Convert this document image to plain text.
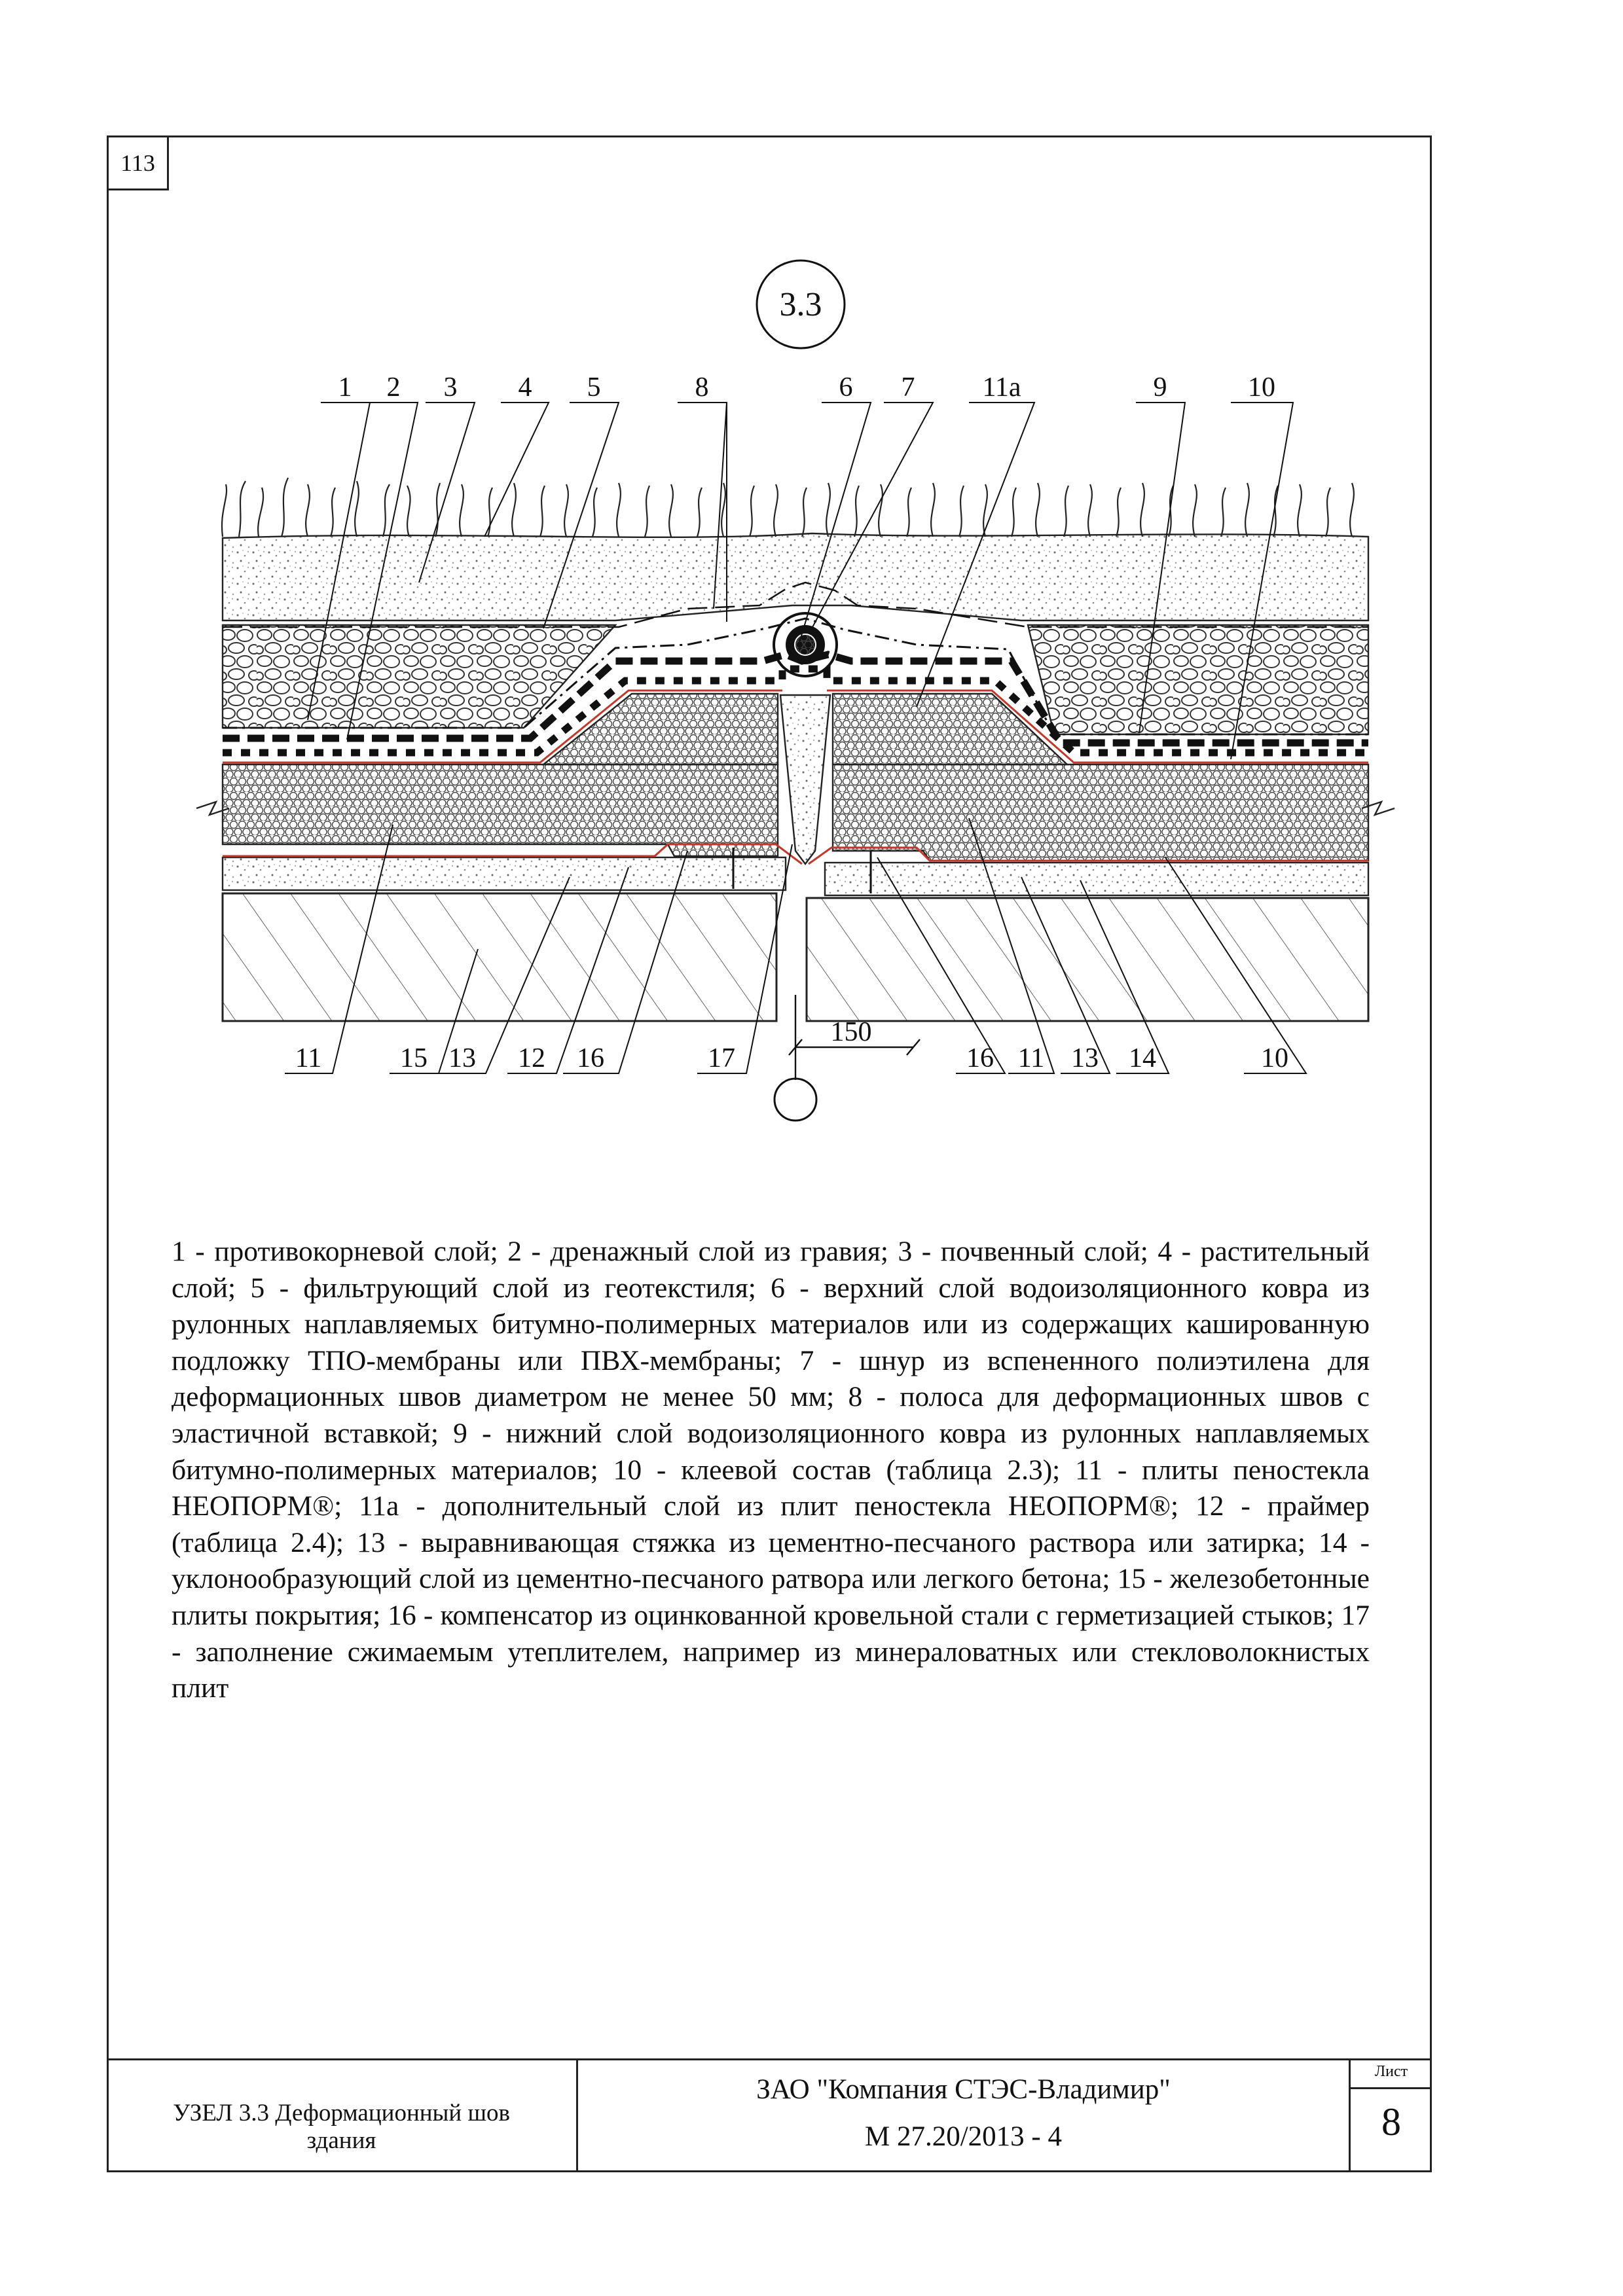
113
150
3.3
1 2 3 4 5	8	6 7 11а	9	10
11	15 13 12 16	17	16 11 13 14	10
1 - противокорневой слой; 2 - дренажный слой из гравия; 3 - почвенный слой; 4 - растительный слой; 5 - фильтрующий слой из геотекстиля; 6 - верхний слой водоизоляционного ковра из рулонных наплавляемых битумно-полимерных материалов или из содержащих кашированную подложку ТПО-мембраны или ПВХ-мембраны; 7 - шнур из вспененного полиэтилена для деформационных швов диаметром не менее 50 мм; 8 - полоса для деформационных швов с эластичной вставкой; 9 - нижний слой водоизоляционного ковра из рулонных наплавляемых битумно-полимерных материалов; 10 - клеевой состав (таблица 2.3); 11 - плиты пеностекла НЕОПОРМ®; 11а - дополнительный слой из плит пеностекла НЕОПОРМ®; 12 - праймер (таблица 2.4); 13 - выравнивающая стяжка из цементно-песчаного раствора или затирка; 14 - уклонообразующий слой из цементно-песчаного ратвора или легкого бетона; 15 - железобетонные плиты покрытия; 16 - компенсатор из оцинкованной кровельной стали с герметизацией стыков; 17 - заполнение сжимаемым утеплителем, например из минераловатных или стекловолокнистых плит
УЗЕЛ 3.3 Деформационный шов
здания
ЗАО "Компания СТЭС-Владимир"
М 27.20/2013 - 4
Лист
8
